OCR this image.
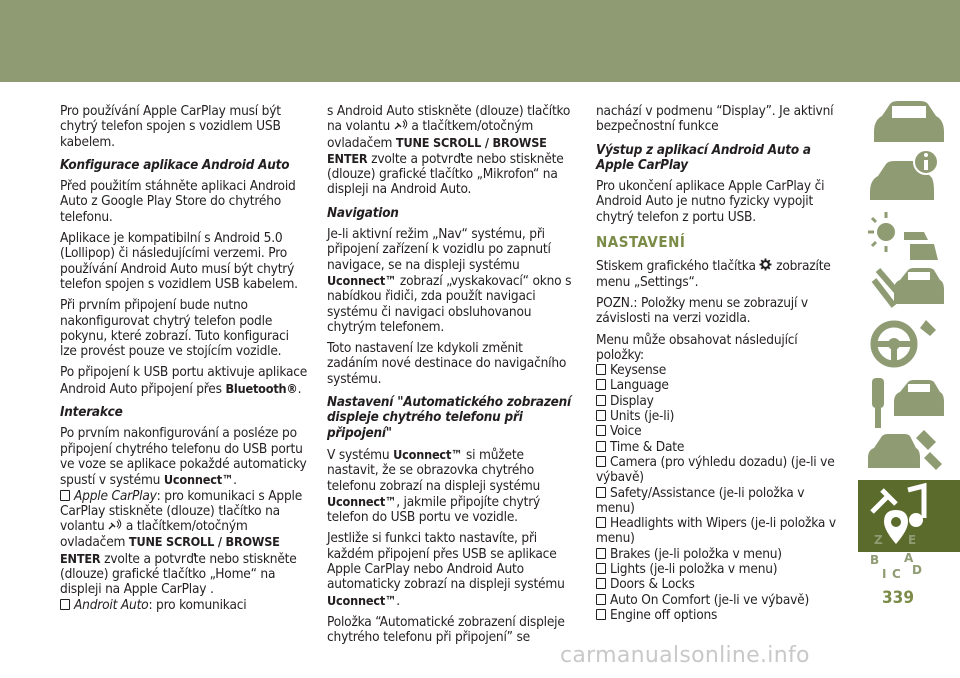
Pro používání Apple CarPlay musí být chytrý telefon spojen s vozidlem USB kabelem.

Konfigurace aplikace Android Auto

Před použitím stáhněte aplikaci Android Auto z Google Play Store do chytrého telefonu.

Aplikace je kompatibilní s Android 5.0 (Lollipop) či následujícími verzemi. Pro používání Android Auto musí být chytrý telefon spojen s vozidlem USB kabelem.

Při prvním připojení bude nutno nakonfigurovat chytrý telefon podle pokynu, které zobrazí. Tuto konfiguraci lze provést pouze ve stojícím vozidle.

Po připojení k USB portu aktivuje aplikace Android Auto připojení přes Bluetooth®.

Interakce

Po prvním nakonfigurování a posléze po připojení chytrého telefonu do USB portu ve voze se aplikace pokaždé automaticky spustí v systému Uconnect™.

Apple CarPlay: pro komunikaci s Apple CarPlay stiskněte (dlouze) tlačítko na volantu  a tlačítkem/otočným ovladačem TUNE SCROLL / BROWSE ENTER zvolte a potvrďte nebo stiskněte (dlouze) grafické tlačítko „Home“ na displeji na Apple CarPlay .
Androit Auto: pro komunikaci

s Android Auto stiskněte (dlouze) tlačítko na volantu  a tlačítkem/otočným ovladačem TUNE SCROLL / BROWSE ENTER zvolte a potvrďte nebo stiskněte (dlouze) grafické tlačítko „Mikrofon“ na displeji na Android Auto.

Navigation

Je-li aktivní režim „Nav“ systému, při připojení zařízení k vozidlu po zapnutí navigace, se na displeji systému Uconnect™ zobrazí „vyskakovací“ okno s nabídkou řidiči, zda použít navigaci systému či navigaci obsluhovanou chytrým telefonem.

Toto nastavení lze kdykoli změnit zadáním nové destinace do navigačního systému.

Nastavení "Automatického zobrazení displeje chytrého telefonu při připojení"

V systému Uconnect™ si můžete nastavit, že se obrazovka chytrého telefonu zobrazí na displeji systému Uconnect™, jakmile připojíte chytrý telefon do USB portu ve vozidle.

Jestliže si funkci takto nastavíte, při každém připojení přes USB se aplikace Apple CarPlay nebo Android Auto automaticky zobrazí na displeji systému Uconnect™.

Položka “Automatické zobrazení displeje chytrého telefonu při připojení” se

nachází v podmenu “Display”. Je aktivní bezpečnostní funkce

Výstup z aplikací Android Auto a Apple CarPlay

Pro ukončení aplikace Apple CarPlay či Android Auto je nutno fyzicky vypojit chytrý telefon z portu USB.

NASTAVENÍ

Stiskem grafického tlačítka  zobrazíte menu „Settings“.

POZN.: Položky menu se zobrazují v závislosti na verzi vozidla.

Menu může obsahovat následující položky:

Keysense
Language
Display
Units (je-li)
Voice
Time & Date
Camera (pro výhledu dozadu) (je-li ve výbavě)
Safety/Assistance (je-li položka v menu)
Headlights with Wipers (je-li položka v menu)
Brakes (je-li položka v menu)
Lights (je-li položka v menu)
Doors & Locks
Auto On Comfort (je-li ve výbavě)
Engine off options
Z E
B A
I C D
339
carmanualsonline.info
